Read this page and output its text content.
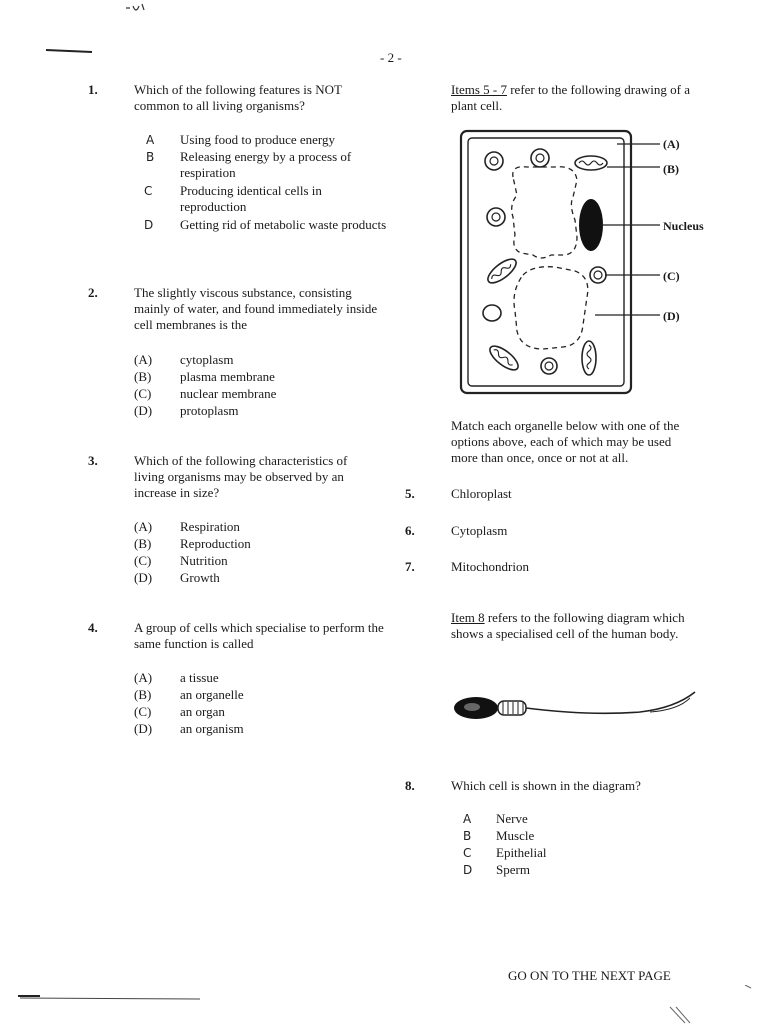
- 2 -
1.	Which of the following features is NOT common to all living organisms?
A Using food to produce energy
B Releasing energy by a process of respiration
C Producing identical cells in reproduction
D Getting rid of metabolic waste products
2.	The slightly viscous substance, consisting mainly of water, and found immediately inside cell membranes is the
(A) cytoplasm
(B) plasma membrane
(C) nuclear membrane
(D) protoplasm
3.	Which of the following characteristics of living organisms may be observed by an increase in size?
(A) Respiration
(B) Reproduction
(C) Nutrition
(D) Growth
4.	A group of cells which specialise to perform the same function is called
(A) a tissue
(B) an organelle
(C) an organ
(D) an organism
Items 5 - 7 refer to the following drawing of a plant cell.
(A)
(B)
Nucleus
(C)
(D)
Match each organelle below with one of the options above, each of which may be used more than once, once or not at all.
5.	Chloroplast
6.	Cytoplasm
7.	Mitochondrion
Item 8 refers to the following diagram which shows a specialised cell of the human body.
8.	Which cell is shown in the diagram?
A Nerve
B Muscle
C Epithelial
D Sperm
GO ON TO THE NEXT PAGE
